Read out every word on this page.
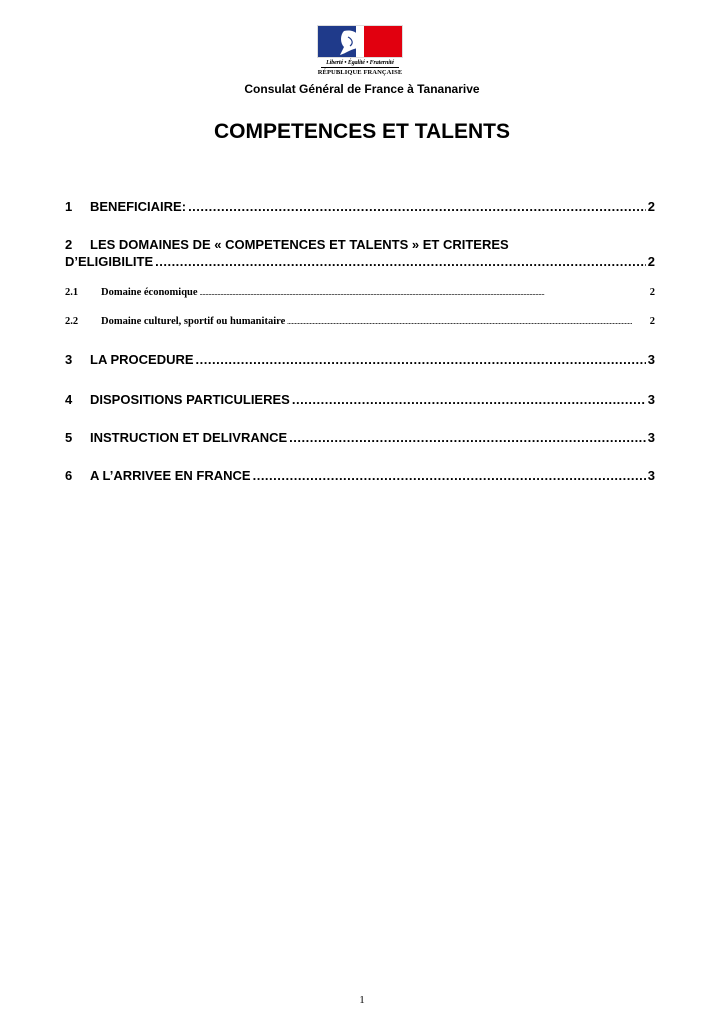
Liberté • Égalité • Fraternité
RÉPUBLIQUE FRANÇAISE
Consulat Général de France à Tananarive
COMPETENCES ET TALENTS
1	BENEFICIAIRE: .....	2
2 LES DOMAINES DE « COMPETENCES ET TALENTS » ET CRITERES
D’ELIGIBILITE .....	2
2.1	Domaine économique .....	2
2.2	Domaine culturel, sportif ou humanitaire .....	2
3	LA PROCEDURE .....	3
4	DISPOSITIONS PARTICULIERES .....	3
5	INSTRUCTION ET DELIVRANCE .....	3
6	A L’ARRIVEE EN FRANCE .....	3
1
